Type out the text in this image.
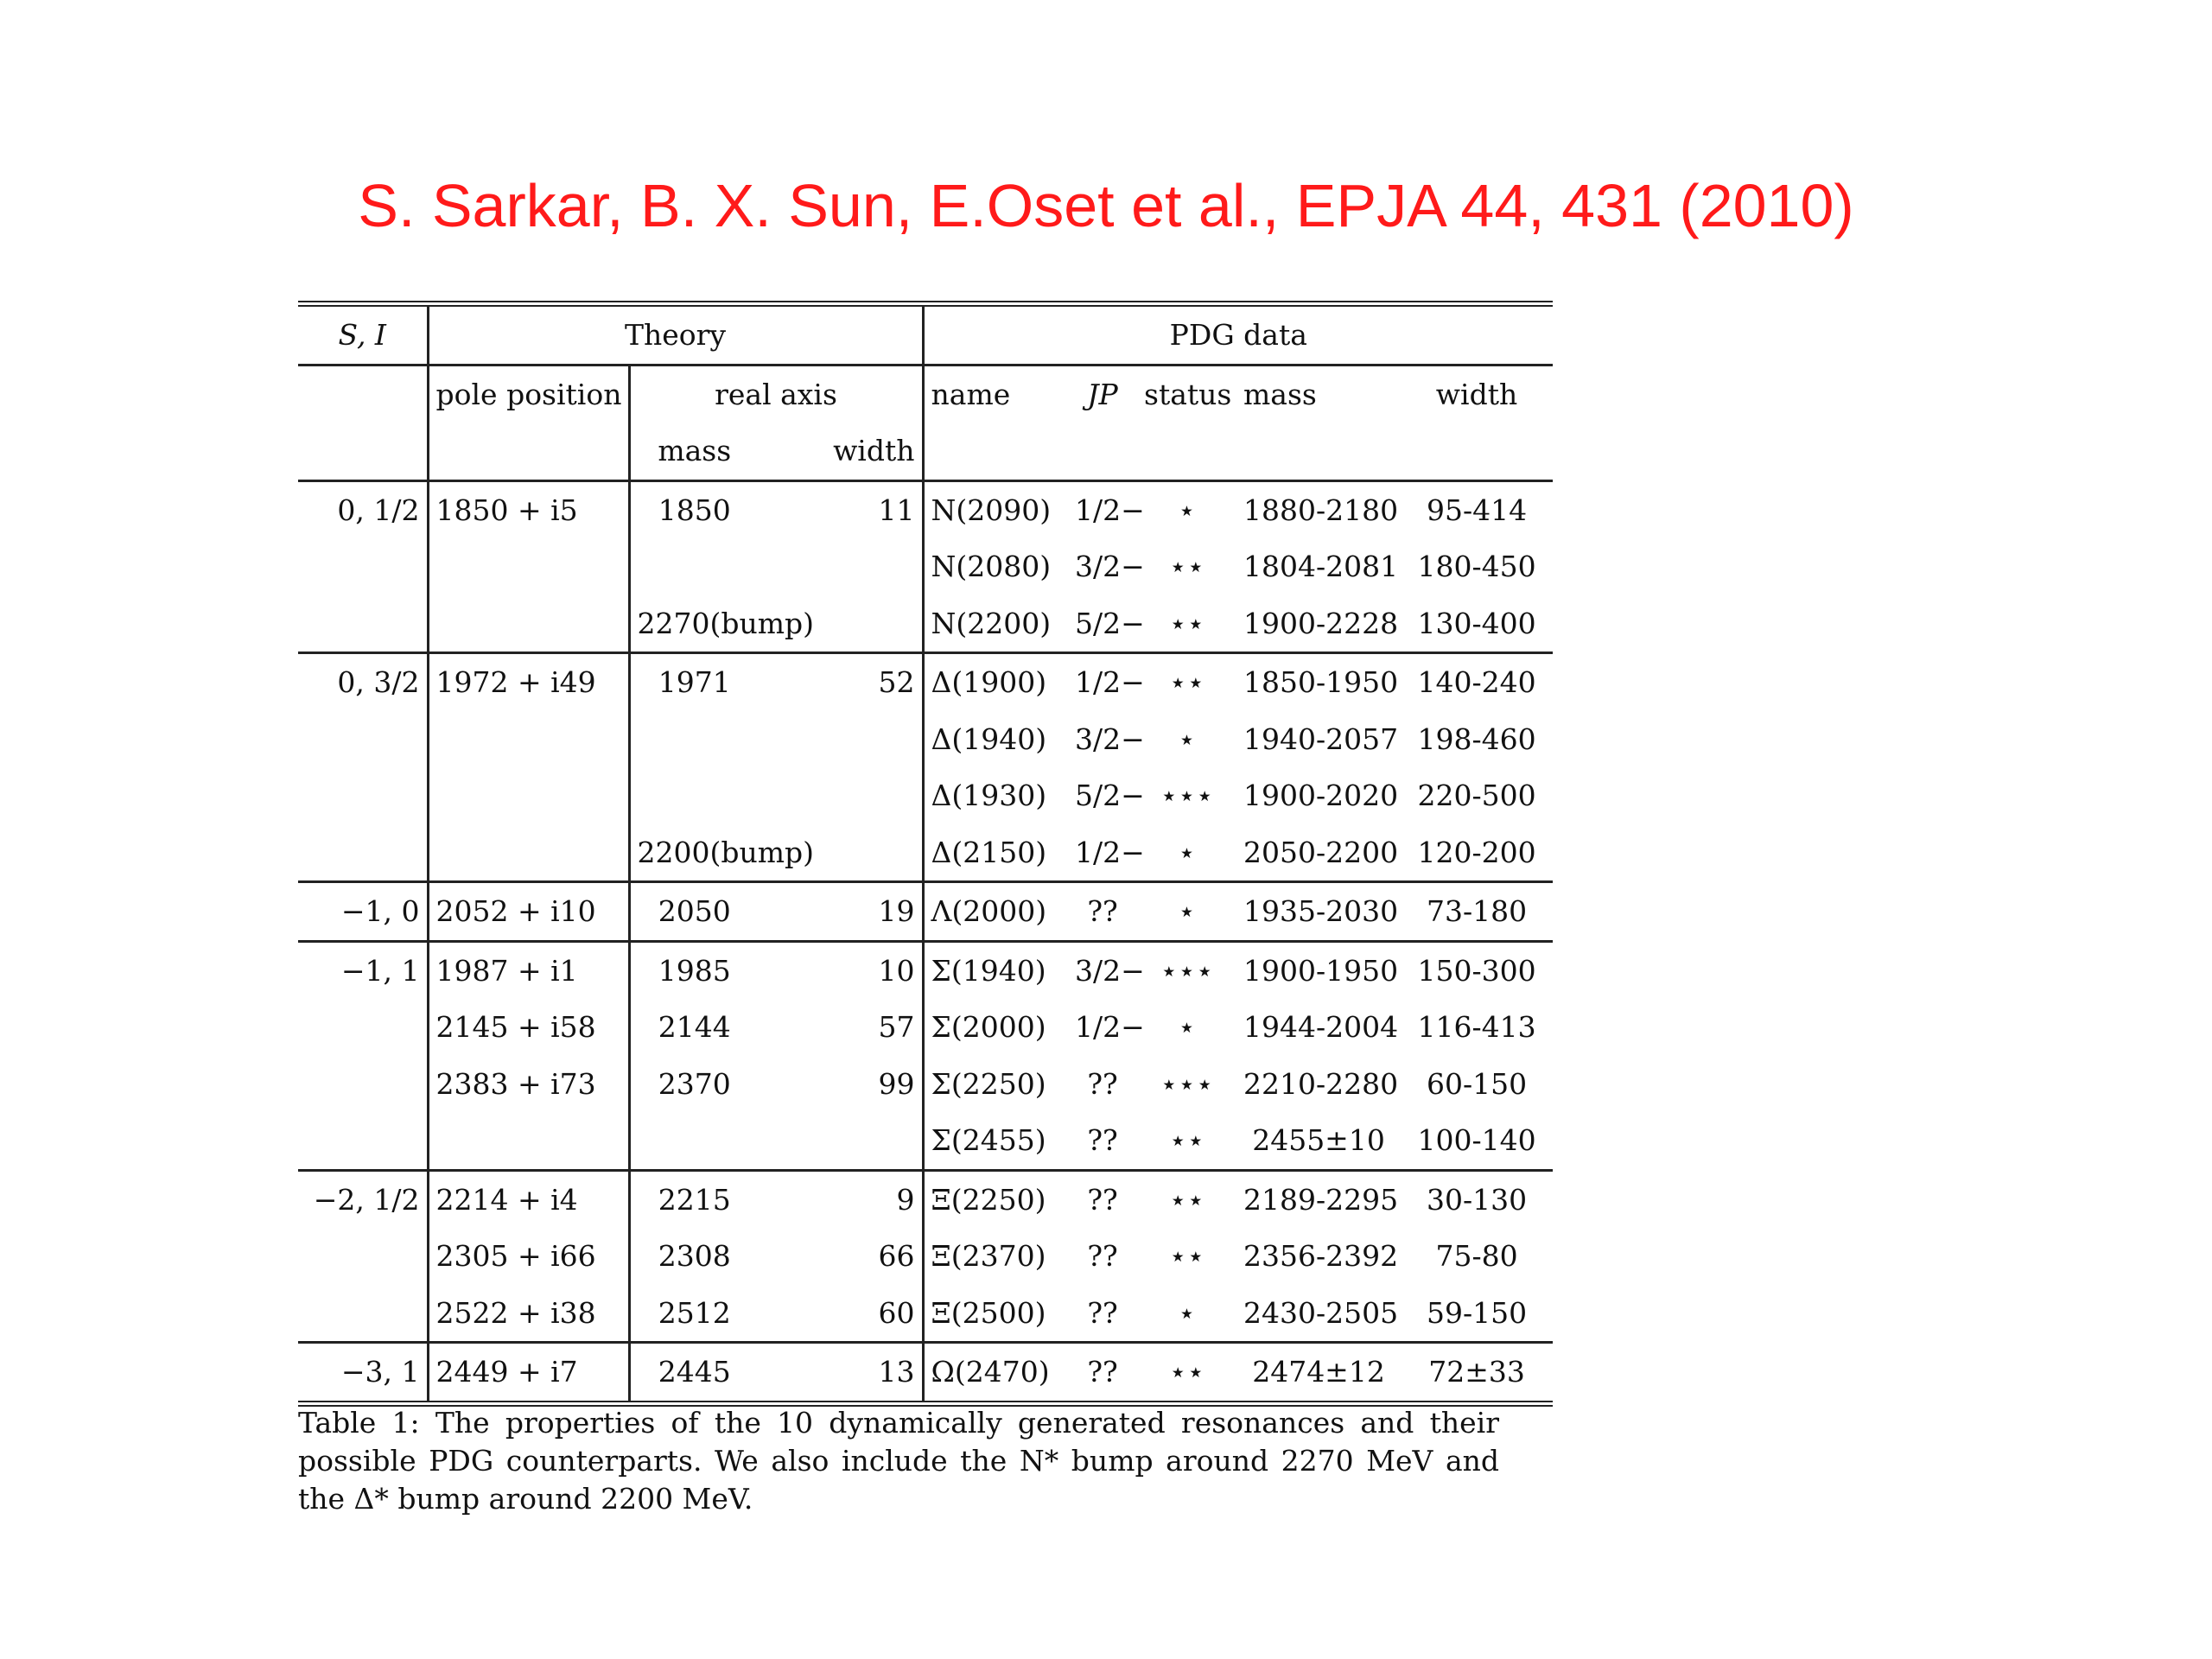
S. Sarkar, B. X. Sun, E.Oset et al., EPJA 44, 431 (2010)
S, I	Theory			PDG data				
	pole position	real axis		name	JP	status	mass	width
		mass	width					
0, 1/2	1850 + i5	1850	11	N(2090)	1/2−	⋆	1880-2180	95-414
				N(2080)	3/2−	⋆⋆	1804-2081	180-450
		2270(bump)		N(2200)	5/2−	⋆⋆	1900-2228	130-400
0, 3/2	1972 + i49	1971	52	Δ(1900)	1/2−	⋆⋆	1850-1950	140-240
				Δ(1940)	3/2−	⋆	1940-2057	198-460
				Δ(1930)	5/2−	⋆⋆⋆	1900-2020	220-500
		2200(bump)		Δ(2150)	1/2−	⋆	2050-2200	120-200
−1, 0	2052 + i10	2050	19	Λ(2000)	??	⋆	1935-2030	73-180
−1, 1	1987 + i1	1985	10	Σ(1940)	3/2−	⋆⋆⋆	1900-1950	150-300
	2145 + i58	2144	57	Σ(2000)	1/2−	⋆	1944-2004	116-413
	2383 + i73	2370	99	Σ(2250)	??	⋆⋆⋆	2210-2280	60-150
				Σ(2455)	??	⋆⋆	2455±10	100-140
−2, 1/2	2214 + i4	2215	9	Ξ(2250)	??	⋆⋆	2189-2295	30-130
	2305 + i66	2308	66	Ξ(2370)	??	⋆⋆	2356-2392	75-80
	2522 + i38	2512	60	Ξ(2500)	??	⋆	2430-2505	59-150
−3, 1	2449 + i7	2445	13	Ω(2470)	??	⋆⋆	2474±12	72±33
Table 1: The properties of the 10 dynamically generated resonances and their possible PDG counterparts. We also include the N* bump around 2270 MeV and the Δ* bump around 2200 MeV.
